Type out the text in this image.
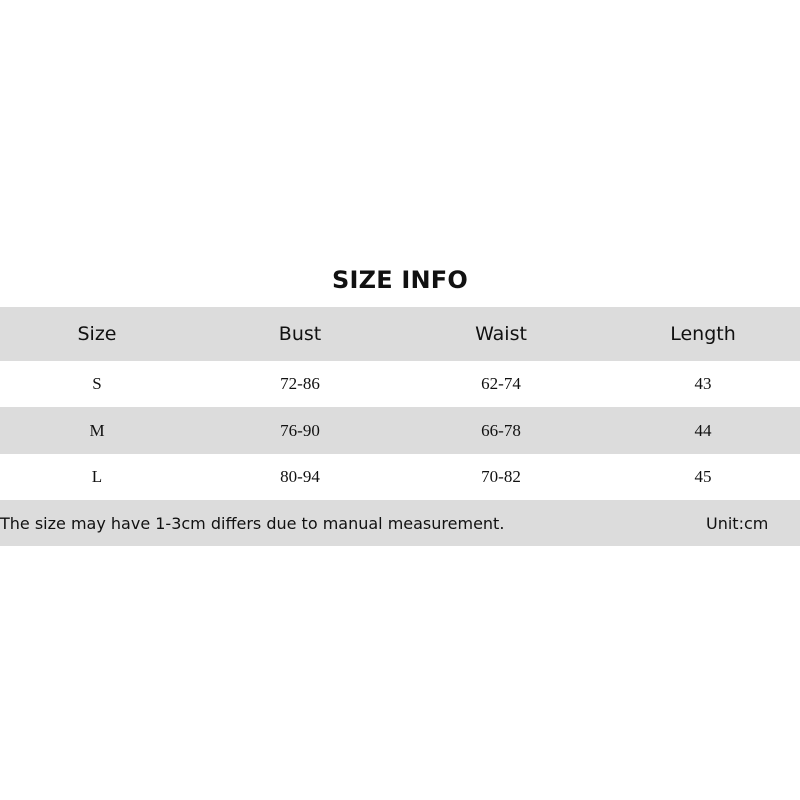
SIZE INFO
Size	Bust	Waist	Length
S	72-86	62-74	43
M	76-90	66-78	44
L	80-94	70-82	45
The size may have 1-3cm differs due to manual measurement.	Unit:cm
